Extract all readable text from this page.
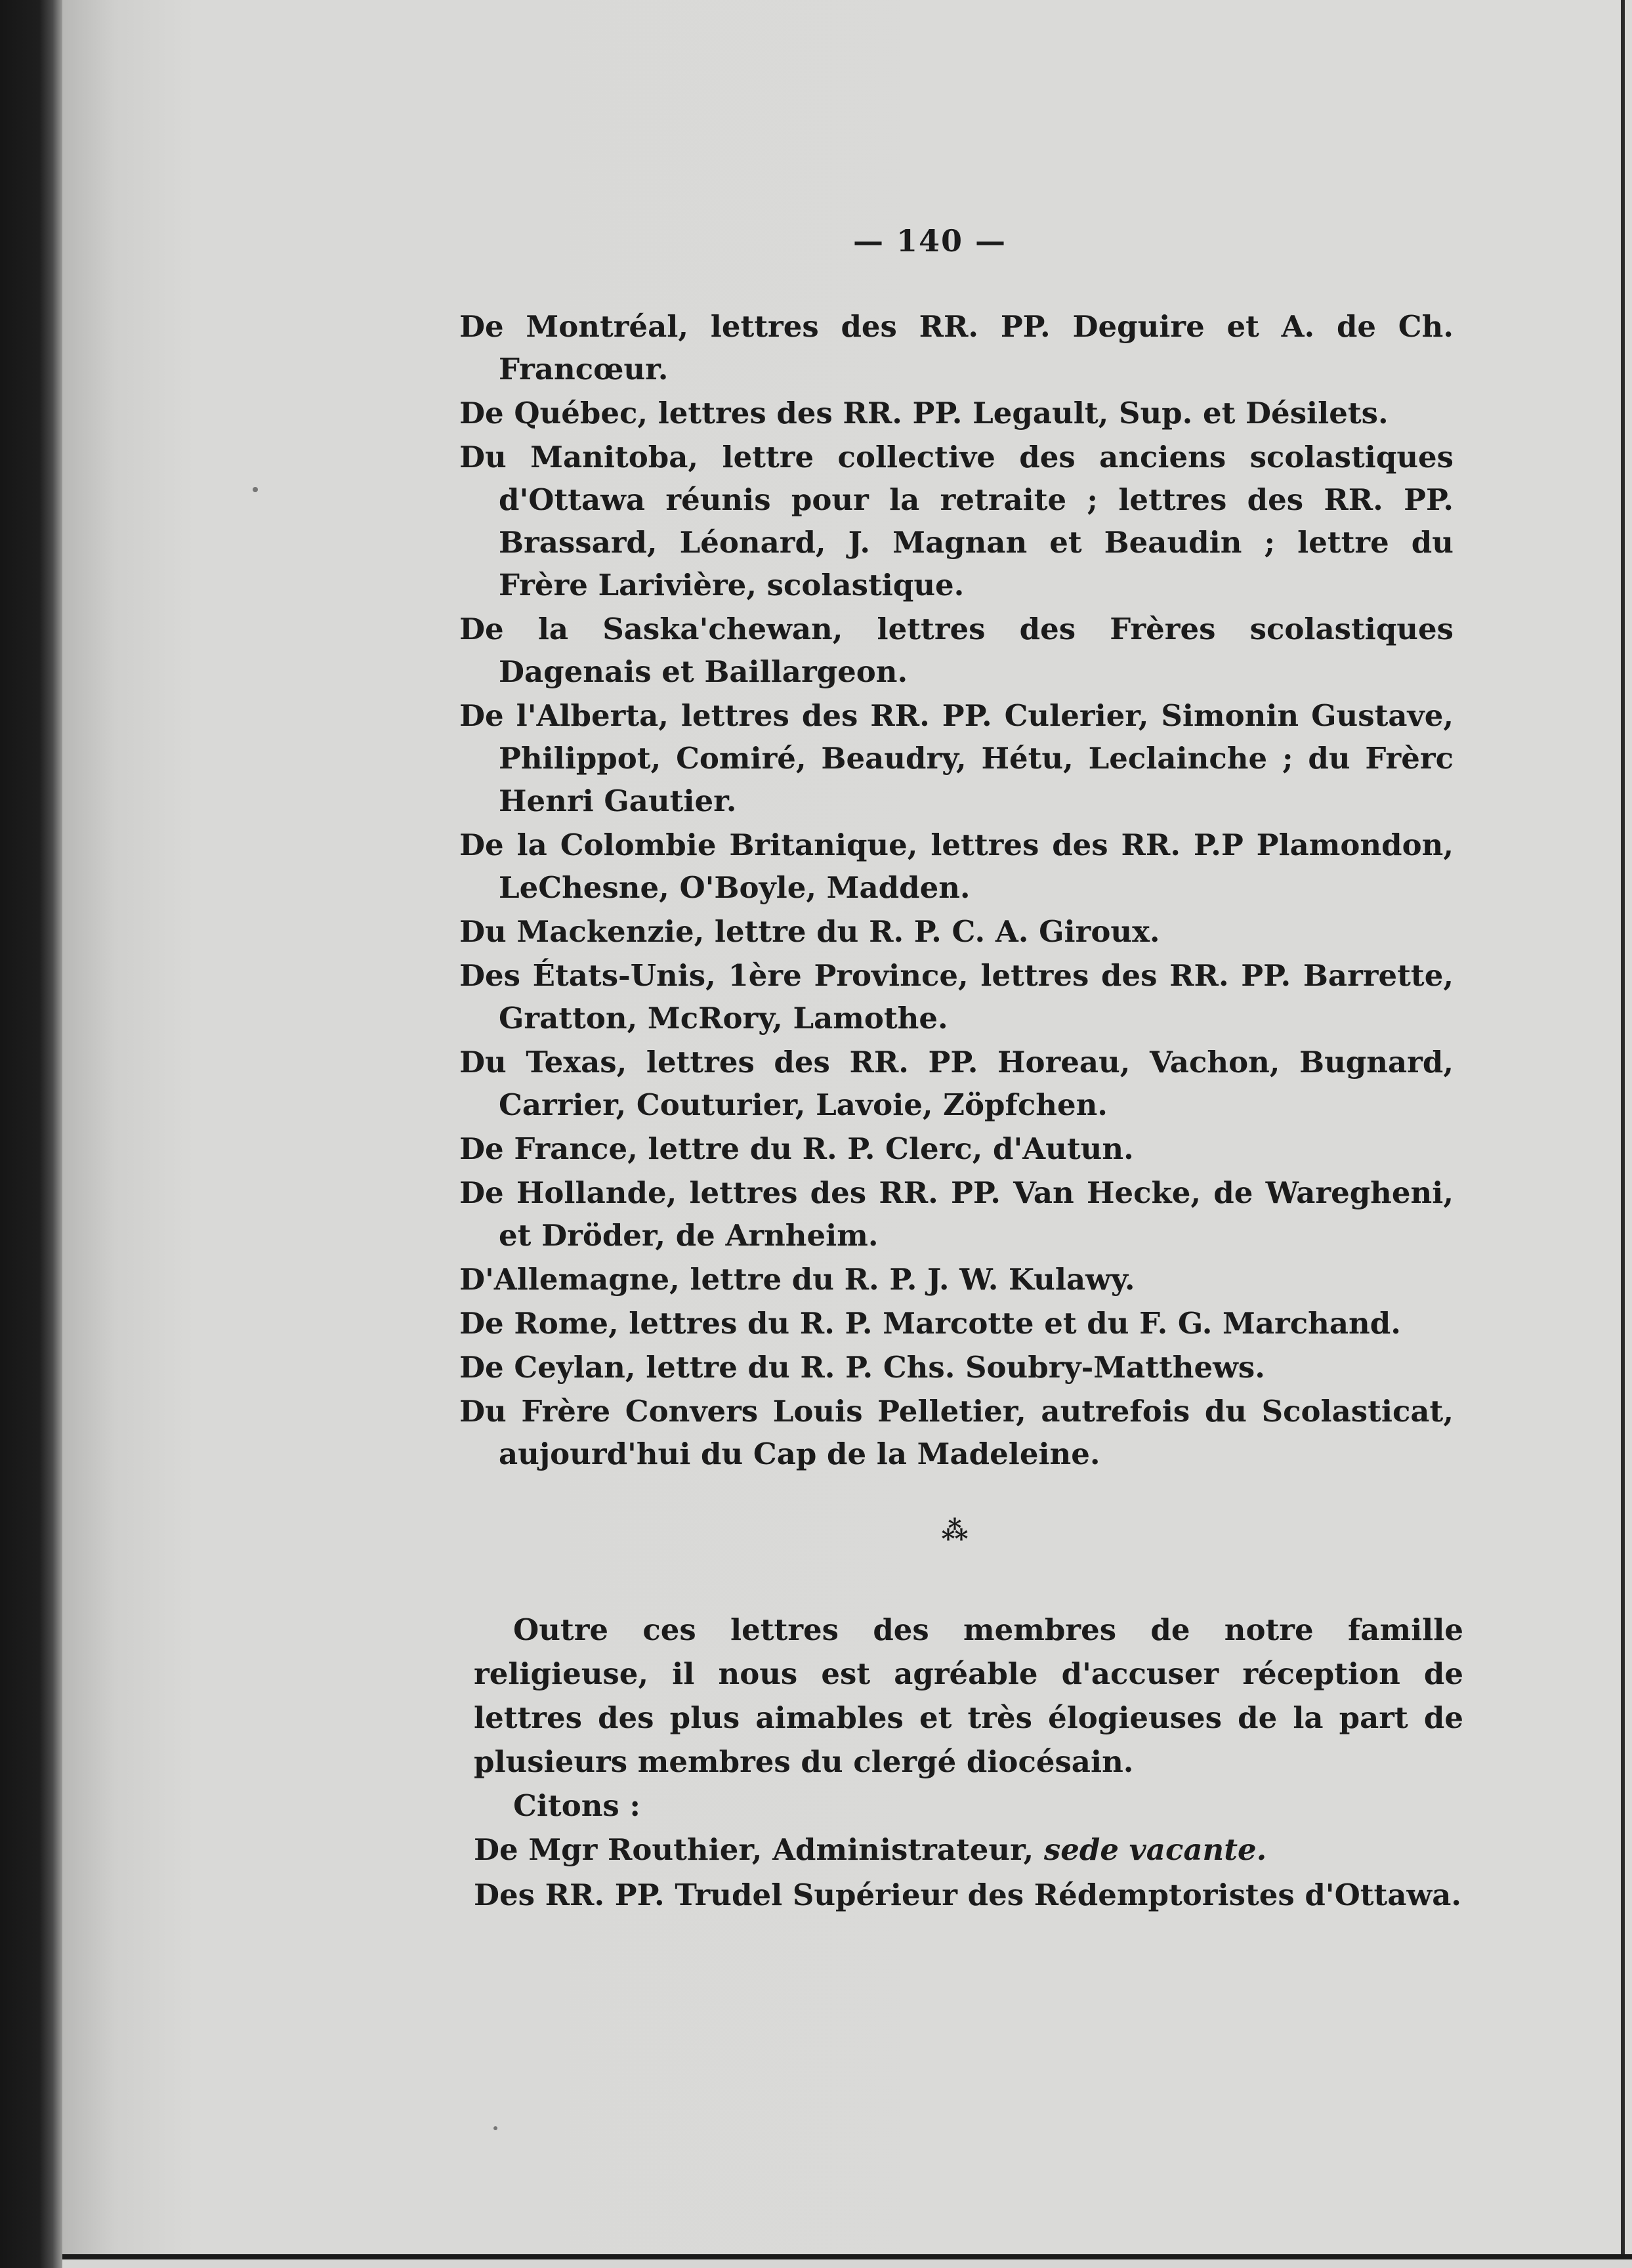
— 140 —

De Montréal, lettres des RR. PP. Deguire et A. de Ch. Francœur.

De Québec, lettres des RR. PP. Legault, Sup. et Désilets.

Du Manitoba, lettre collective des anciens scolastiques d'Ottawa réunis pour la retraite ; lettres des RR. PP. Brassard, Léonard, J. Magnan et Beaudin ; lettre du Frère Larivière, scolastique.

De la Saska'chewan, lettres des Frères scolastiques Dagenais et Baillargeon.

De l'Alberta, lettres des RR. PP. Culerier, Simonin Gustave, Philippot, Comiré, Beaudry, Hétu, Leclainche ; du Frèrc Henri Gautier.

De la Colombie Britanique, lettres des RR. P.P Plamondon, LeChesne, O'Boyle, Madden.

Du Mackenzie, lettre du R. P. C. A. Giroux.

Des États-Unis, 1ère Province, lettres des RR. PP. Barrette, Gratton, McRory, Lamothe.

Du Texas, lettres des RR. PP. Horeau, Vachon, Bugnard, Carrier, Couturier, Lavoie, Zöpfchen.

De France, lettre du R. P. Clerc, d'Autun.

De Hollande, lettres des RR. PP. Van Hecke, de Waregheni, et Dröder, de Arnheim.

D'Allemagne, lettre du R. P. J. W. Kulawy.

De Rome, lettres du R. P. Marcotte et du F. G. Marchand.

De Ceylan, lettre du R. P. Chs. Soubry-Matthews.

Du Frère Convers Louis Pelletier, autrefois du Scolasticat, aujourd'hui du Cap de la Madeleine.

⁂

Outre ces lettres des membres de notre famille religieuse, il nous est agréable d'accuser réception de lettres des plus aimables et très élogieuses de la part de plusieurs membres du clergé diocésain.

Citons :

De Mgr Routhier, Administrateur, sede vacante.

Des RR. PP. Trudel Supérieur des Rédemptoristes d'Ottawa.
